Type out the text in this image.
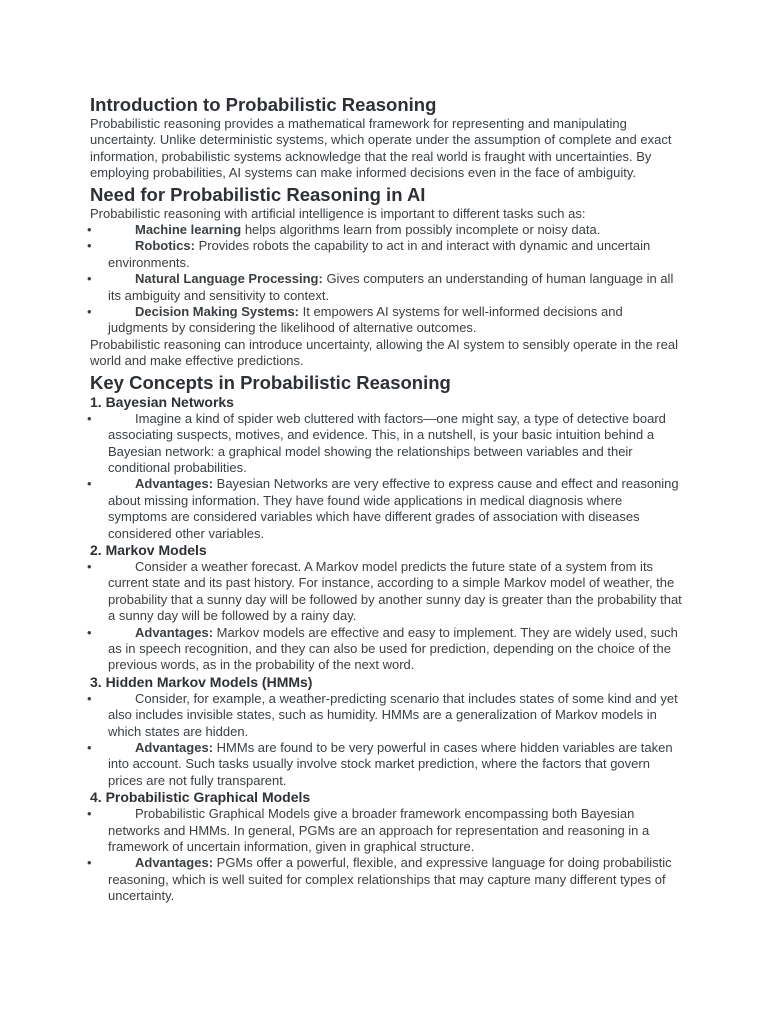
Introduction to Probabilistic Reasoning
Probabilistic reasoning provides a mathematical framework for representing and manipulating uncertainty. Unlike deterministic systems, which operate under the assumption of complete and exact information, probabilistic systems acknowledge that the real world is fraught with uncertainties. By employing probabilities, AI systems can make informed decisions even in the face of ambiguity.
Need for Probabilistic Reasoning in AI
Probabilistic reasoning with artificial intelligence is important to different tasks such as:
•	Machine learning helps algorithms learn from possibly incomplete or noisy data.
•	Robotics: Provides robots the capability to act in and interact with dynamic and uncertain environments.
•	Natural Language Processing: Gives computers an understanding of human language in all its ambiguity and sensitivity to context.
•	Decision Making Systems: It empowers AI systems for well-informed decisions and judgments by considering the likelihood of alternative outcomes.
Probabilistic reasoning can introduce uncertainty, allowing the AI system to sensibly operate in the real world and make effective predictions.
Key Concepts in Probabilistic Reasoning
1. Bayesian Networks
•	Imagine a kind of spider web cluttered with factors—one might say, a type of detective board associating suspects, motives, and evidence. This, in a nutshell, is your basic intuition behind a Bayesian network: a graphical model showing the relationships between variables and their conditional probabilities.
•	Advantages: Bayesian Networks are very effective to express cause and effect and reasoning about missing information. They have found wide applications in medical diagnosis where symptoms are considered variables which have different grades of association with diseases considered other variables.
2. Markov Models
•	Consider a weather forecast. A Markov model predicts the future state of a system from its current state and its past history. For instance, according to a simple Markov model of weather, the probability that a sunny day will be followed by another sunny day is greater than the probability that a sunny day will be followed by a rainy day.
•	Advantages: Markov models are effective and easy to implement. They are widely used, such as in speech recognition, and they can also be used for prediction, depending on the choice of the previous words, as in the probability of the next word.
3. Hidden Markov Models (HMMs)
•	Consider, for example, a weather-predicting scenario that includes states of some kind and yet also includes invisible states, such as humidity. HMMs are a generalization of Markov models in which states are hidden.
•	Advantages: HMMs are found to be very powerful in cases where hidden variables are taken into account. Such tasks usually involve stock market prediction, where the factors that govern prices are not fully transparent.
4. Probabilistic Graphical Models
•	Probabilistic Graphical Models give a broader framework encompassing both Bayesian networks and HMMs. In general, PGMs are an approach for representation and reasoning in a framework of uncertain information, given in graphical structure.
•	Advantages: PGMs offer a powerful, flexible, and expressive language for doing probabilistic reasoning, which is well suited for complex relationships that may capture many different types of uncertainty.
